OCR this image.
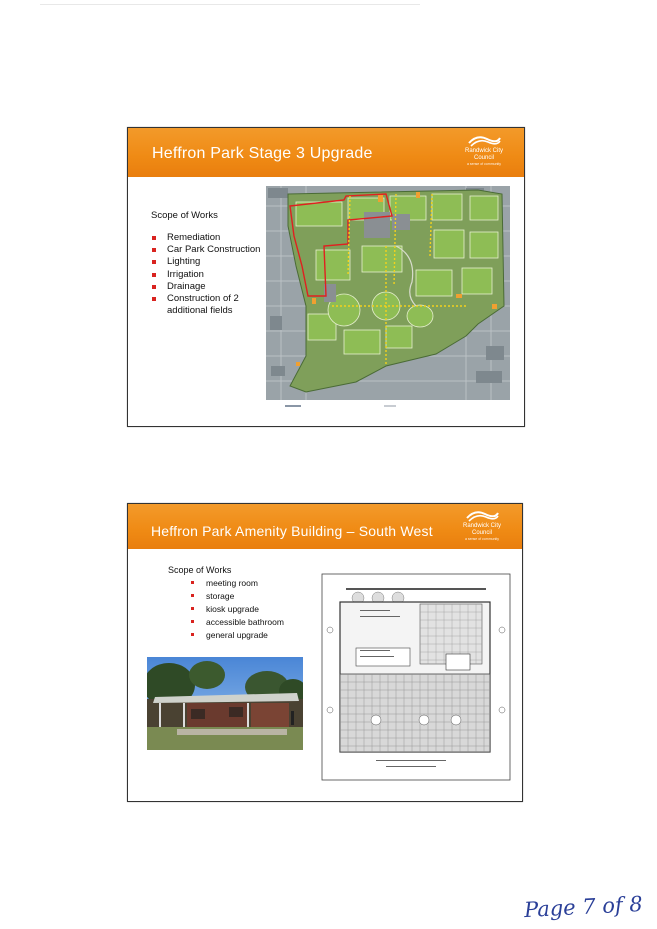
Heffron Park Stage 3 Upgrade	Randwick City
Council
a sense of community
Scope of Works
Remediation
Car Park Construction
Lighting
Irrigation
Drainage
Construction of 2 additional fields
Heffron Park Amenity Building – South West	Randwick City
Council
a sense of community
Scope of Works
meeting room
storage
kiosk upgrade
accessible bathroom
general upgrade
Page 7 of 8
